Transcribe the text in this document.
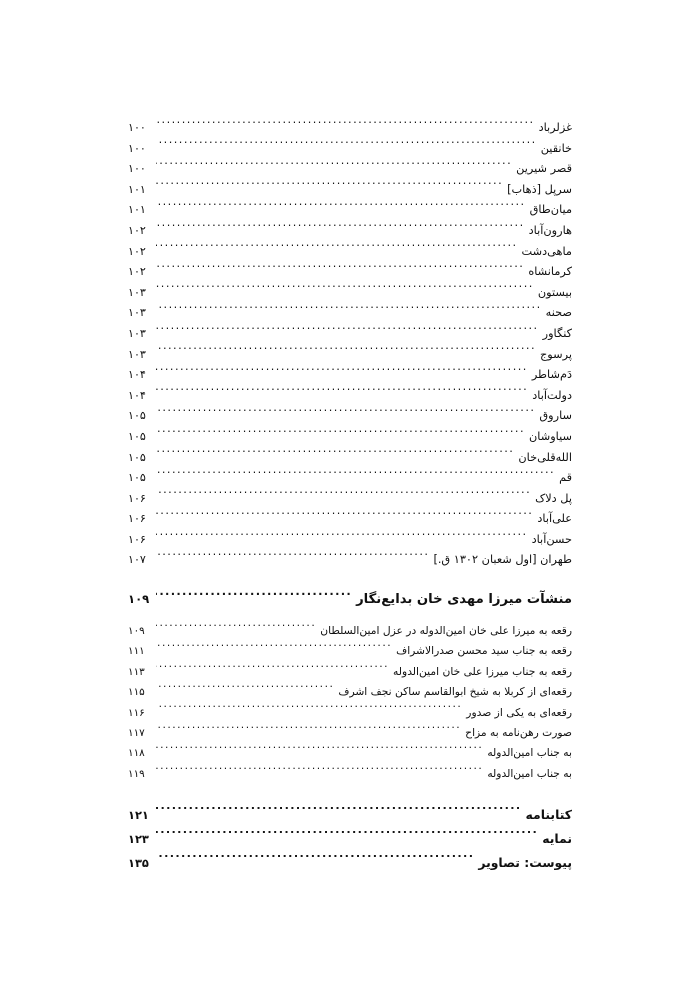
غزلرباد
.....
۱۰۰
خانقین
.....
۱۰۰
قصر شیرین
.....
۱۰۰
سرپل [ذهاب]
.....
۱۰۱
میان‌طاق
.....
۱۰۱
هارون‌آباد
.....
۱۰۲
ماهی‌دشت
.....
۱۰۲
کرمانشاه
.....
۱۰۲
بیستون
.....
۱۰۳
صحنه
.....
۱۰۳
کنگاور
.....
۱۰۳
پرسوج
.....
۱۰۳
دَم‌شاطر
.....
۱۰۴
دولت‌آباد
.....
۱۰۴
ساروق
.....
۱۰۵
سیاوشان
.....
۱۰۵
الله‌قلی‌خان
.....
۱۰۵
قم
.....
۱۰۵
پل دلاک
.....
۱۰۶
علی‌آباد
.....
۱۰۶
حسن‌آباد
.....
۱۰۶
طهران [اول شعبان ۱۳۰۲ ق.]
.....
۱۰۷
منشآت میرزا مهدی خان بدایع‌نگار
.....
۱۰۹
رقعه به میرزا علی خان امین‌الدوله در عزل امین‌السلطان
.....
۱۰۹
رقعه به جناب سید محسن صدرالاشراف
.....
۱۱۱
رقعه به جناب میرزا علی خان امین‌الدوله
.....
۱۱۳
رقعه‌ای از کربلا به شیخ ابوالقاسم ساکن نجف اشرف
.....
۱۱۵
رقعه‌ای به یکی از صدور
.....
۱۱۶
صورت رهن‌نامه به مزاح
.....
۱۱۷
به جناب امین‌الدوله
.....
۱۱۸
به جناب امین‌الدوله
.....
۱۱۹
کتابنامه
.....
۱۲۱
نمایه
.....
۱۲۳
پیوست: تصاویر
.....
۱۳۵
